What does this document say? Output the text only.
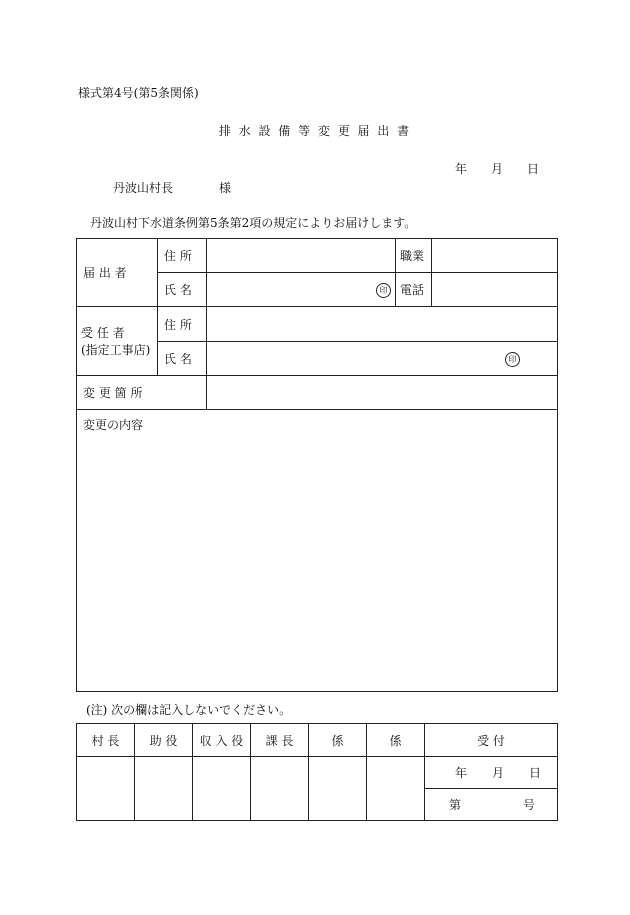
様式第4号(第5条関係)
排 水 設 備 等 変 更 届 出 書
年 月 日
丹波山村長	様
丹波山村下水道条例第5条第2項の規定によりお届けします。
届 出 者	住 所		職業	
	氏 名	印	電話	

受 任 者
(指定工事店)	住 所			
	氏 名	印		

変 更 箇 所				

変更の内容				
(注) 次の欄は記入しないでください。
村 長	助 役	収 入 役	課 長	係	係	受 付

						年 月 日

						第 号
